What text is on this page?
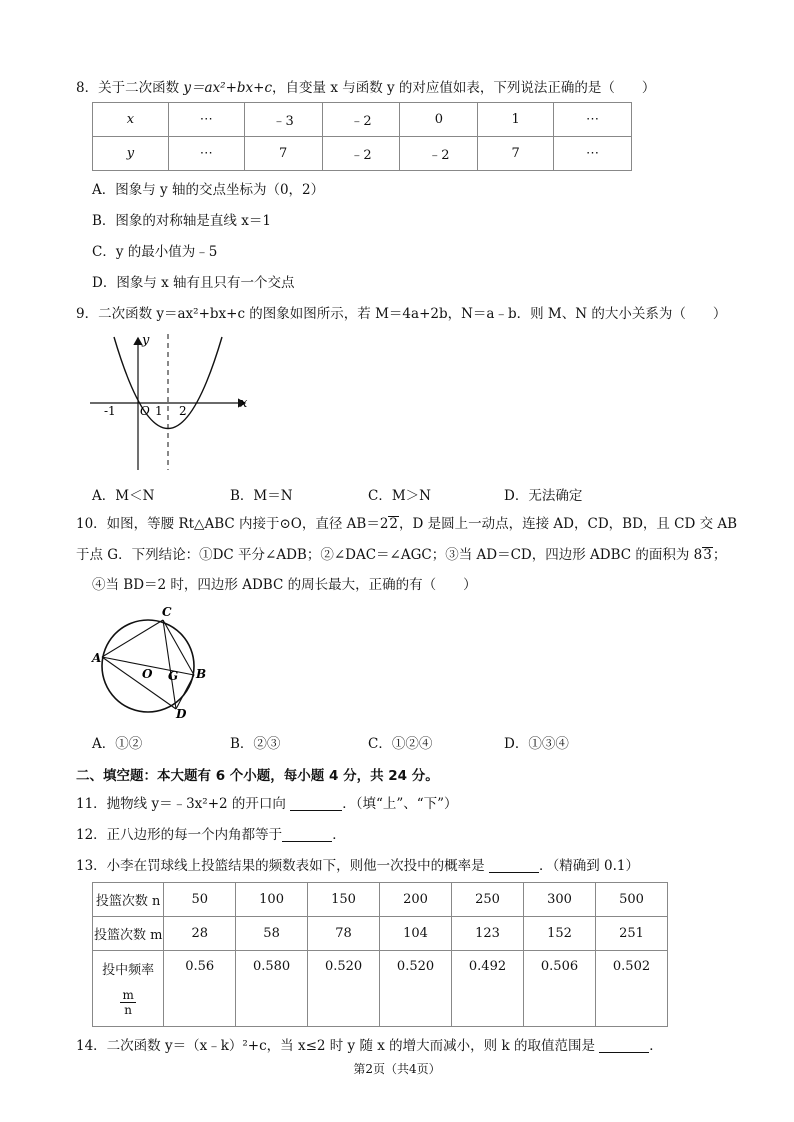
8．关于二次函数 y＝ax²+bx+c，自变量 x 与函数 y 的对应值如表，下列说法正确的是（　　）
x	⋯	﹣3	﹣2	0	1	⋯
y	⋯	7	﹣2	﹣2	7	⋯
A．图象与 y 轴的交点坐标为（0，2）
B．图象的对称轴是直线 x＝1
C．y 的最小值为﹣5
D．图象与 x 轴有且只有一个交点
9．二次函数 y＝ax²+bx+c 的图象如图所示，若 M＝4a+2b，N＝a﹣b．则 M、N 的大小关系为（　　）
y
x
O
-1	1 2
A．M＜N	B．M＝N	C．M＞N	D．无法确定
10．如图，等腰 Rt△ABC 内接于⊙O，直径 AB＝22，D 是圆上一动点，连接 AD，CD，BD，且 CD 交 AB
于点 G．下列结论：①DC 平分∠ADB；②∠DAC＝∠AGC；③当 AD＝CD，四边形 ADBC 的面积为 83；
④当 BD＝2 时，四边形 ADBC 的周长最大，正确的有（　　）
C
A
B
D
O G
A．①②	B．②③	C．①②④	D．①③④
二、填空题：本大题有 6 个小题，每小题 4 分，共 24 分。
11．抛物线 y＝﹣3x²+2 的开口向	．（填“上”、“下”）
12．正八边形的每一个内角都等于	．
13．小李在罚球线上投篮结果的频数表如下，则他一次投中的概率是	．（精确到 0.1）
投篮次数 n	50	100	150	200	250	300	500
投篮次数 m	28	58	78	104	123	152	251

投中频率
$\frac{m}{n}$	0.56	0.580	0.520	0.520	0.492	0.506	0.502
14．二次函数 y＝（x﹣k）²+c，当 x≤2 时 y 随 x 的增大而减小，则 k 的取值范围是	．
第2页（共4页）
